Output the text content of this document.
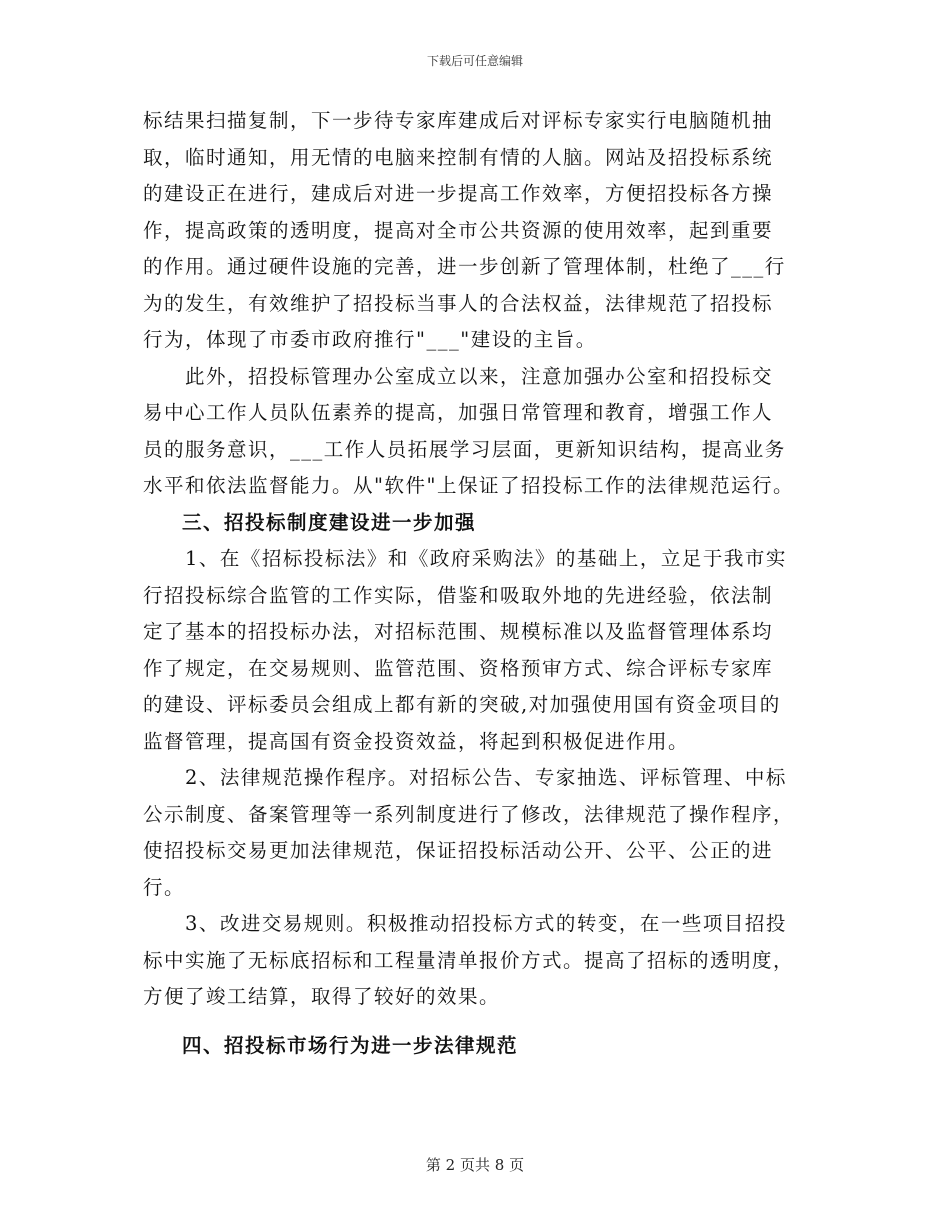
下载后可任意编辑

标结果扫描复制，下一步待专家库建成后对评标专家实行电脑随机抽
取，临时通知，用无情的电脑来控制有情的人脑。网站及招投标系统
的建设正在进行，建成后对进一步提高工作效率，方便招投标各方操
作，提高政策的透明度，提高对全市公共资源的使用效率，起到重要
的作用。通过硬件设施的完善，进一步创新了管理体制，杜绝了___行
为的发生，有效维护了招投标当事人的合法权益，法律规范了招投标
行为，体现了市委市政府推行"___"建设的主旨。

　　此外，招投标管理办公室成立以来，注意加强办公室和招投标交
易中心工作人员队伍素养的提高，加强日常管理和教育，增强工作人
员的服务意识，___工作人员拓展学习层面，更新知识结构，提高业务
水平和依法监督能力。从"软件"上保证了招投标工作的法律规范运行。

三、招投标制度建设进一步加强

　　1、在《招标投标法》和《政府采购法》的基础上，立足于我市实
行招投标综合监管的工作实际，借鉴和吸取外地的先进经验，依法制
定了基本的招投标办法，对招标范围、规模标准以及监督管理体系均
作了规定，在交易规则、监管范围、资格预审方式、综合评标专家库
的建设、评标委员会组成上都有新的突破,对加强使用国有资金项目的
监督管理，提高国有资金投资效益，将起到积极促进作用。

　　2、法律规范操作程序。对招标公告、专家抽选、评标管理、中标
公示制度、备案管理等一系列制度进行了修改，法律规范了操作程序，
使招投标交易更加法律规范，保证招投标活动公开、公平、公正的进
行。

　　3、改进交易规则。积极推动招投标方式的转变，在一些项目招投
标中实施了无标底招标和工程量清单报价方式。提高了招标的透明度，
方便了竣工结算，取得了较好的效果。

四、招投标市场行为进一步法律规范
第 2 页共 8 页
